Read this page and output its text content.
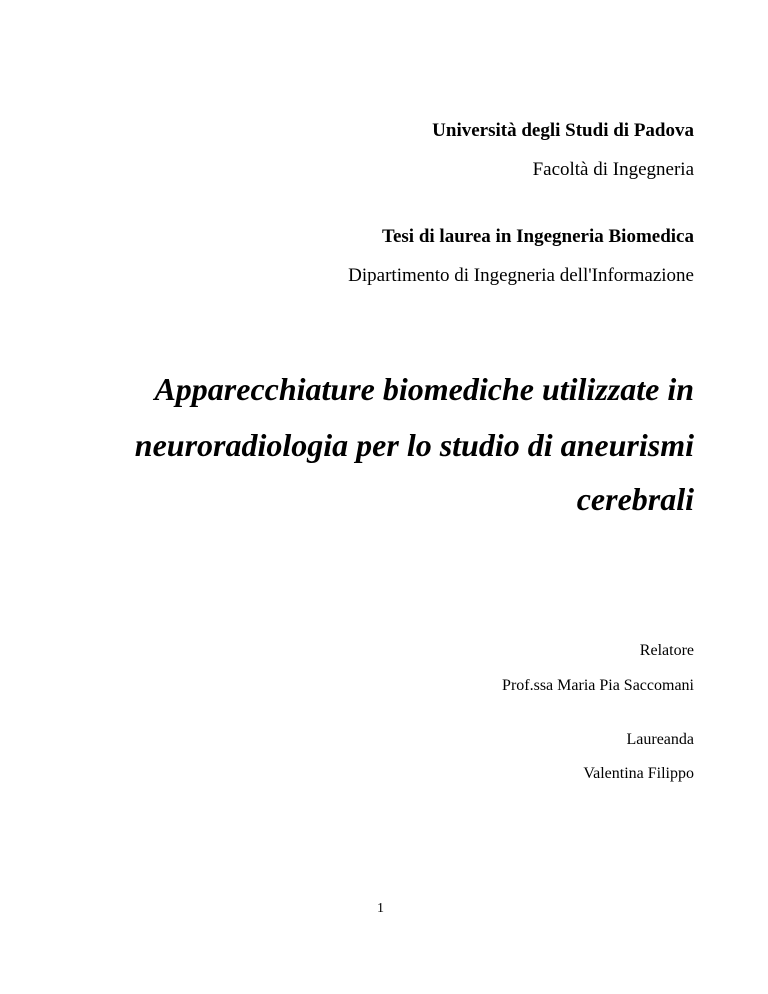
Università degli Studi di Padova
Facoltà di Ingegneria
Tesi di laurea in Ingegneria Biomedica
Dipartimento di Ingegneria dell'Informazione
Apparecchiature biomediche utilizzate in
neuroradiologia per lo studio di aneurismi
cerebrali
Relatore
Prof.ssa Maria Pia Saccomani
Laureanda
Valentina Filippo
1
